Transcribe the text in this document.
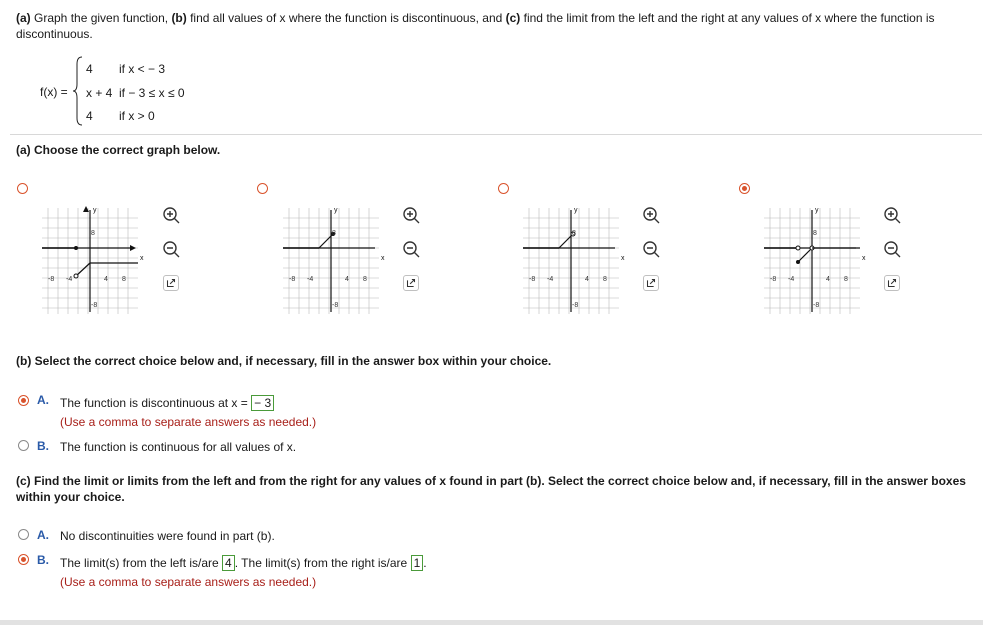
(a) Graph the given function, (b) find all values of x where the function is discontinuous, and (c) find the limit from the left and the right at any values of x where the function is discontinuous.
f(x) =
4 if x < − 3
x + 4 if − 3 ≤ x ≤ 0
4 if x > 0
(a) Choose the correct graph below.
y
x
8
-8 -4	4 8
-8
y
x
8
-8 -4	4 8
-8
y
x
8
-8 -4	4 8
-8
y
x
8
-8 -4	4 8
-8
(b) Select the correct choice below and, if necessary, fill in the answer box within your choice.
A. The function is discontinuous at x = − 3
(Use a comma to separate answers as needed.)
B. The function is continuous for all values of x.
(c) Find the limit or limits from the left and from the right for any values of x found in part (b). Select the correct choice below and, if necessary, fill in the answer boxes within your choice.
A. No discontinuities were found in part (b).
B. The limit(s) from the left is/are 4 . The limit(s) from the right is/are 1 .
(Use a comma to separate answers as needed.)
